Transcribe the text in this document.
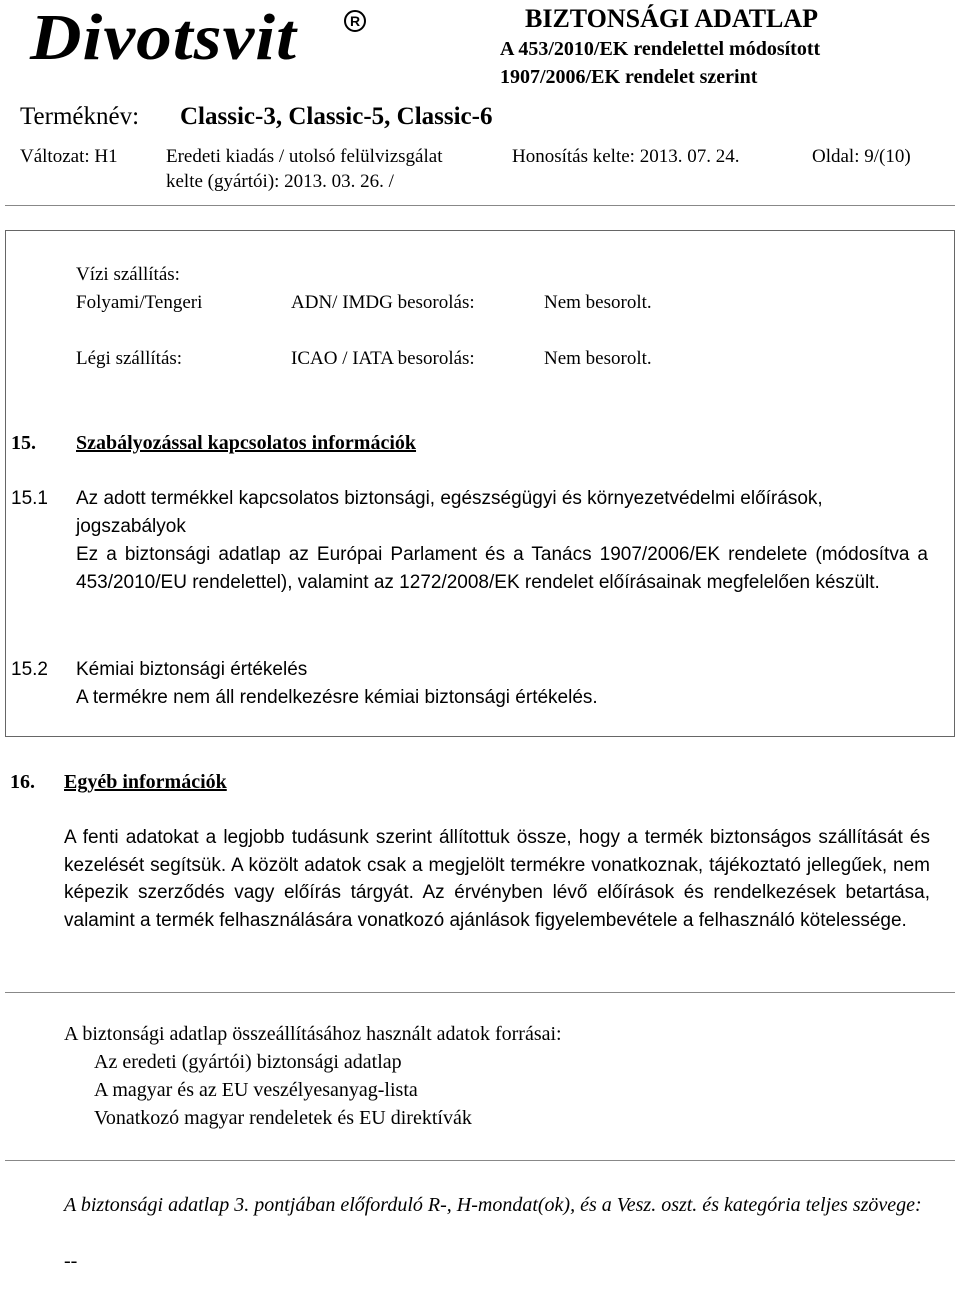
Divotsvit	R	BIZTONSÁGI ADATLAP
A 453/2010/EK rendelettel módosított
1907/2006/EK rendelet szerint
Terméknév: Classic-3, Classic-5, Classic-6
Változat: H1	Eredeti kiadás / utolsó felülvizsgálat
kelte (gyártói): 2013. 03. 26. /
Honosítás kelte: 2013. 07. 24.	Oldal: 9/(10)
Vízi szállítás:
Folyami/Tengeri	ADN/ IMDG besorolás:	Nem besorolt.
Légi szállítás:	ICAO / IATA besorolás:	Nem besorolt.
15. Szabályozással kapcsolatos információk
15.1 Az adott termékkel kapcsolatos biztonsági, egészségügyi és környezetvédelmi előírások,
jogszabályok
Ez a biztonsági adatlap az Európai Parlament és a Tanács 1907/2006/EK rendelete (módosítva a 453/2010/EU rendelettel), valamint az 1272/2008/EK rendelet előírásainak megfelelően készült.
15.2 Kémiai biztonsági értékelés
A termékre nem áll rendelkezésre kémiai biztonsági értékelés.
16. Egyéb információk
A fenti adatokat a legjobb tudásunk szerint állítottuk össze, hogy a termék biztonságos szállítását és kezelését segítsük. A közölt adatok csak a megjelölt termékre vonatkoznak, tájékoztató jellegűek, nem képezik szerződés vagy előírás tárgyát. Az érvényben lévő előírások és rendelkezések betartása, valamint a termék felhasználására vonatkozó ajánlások figyelembevétele a felhasználó kötelessége.
A biztonsági adatlap összeállításához használt adatok forrásai:
Az eredeti (gyártói) biztonsági adatlap
A magyar és az EU veszélyesanyag-lista
Vonatkozó magyar rendeletek és EU direktívák
A biztonsági adatlap 3. pontjában előforduló R-, H-mondat(ok), és a Vesz. oszt. és kategória teljes szövege:
--
